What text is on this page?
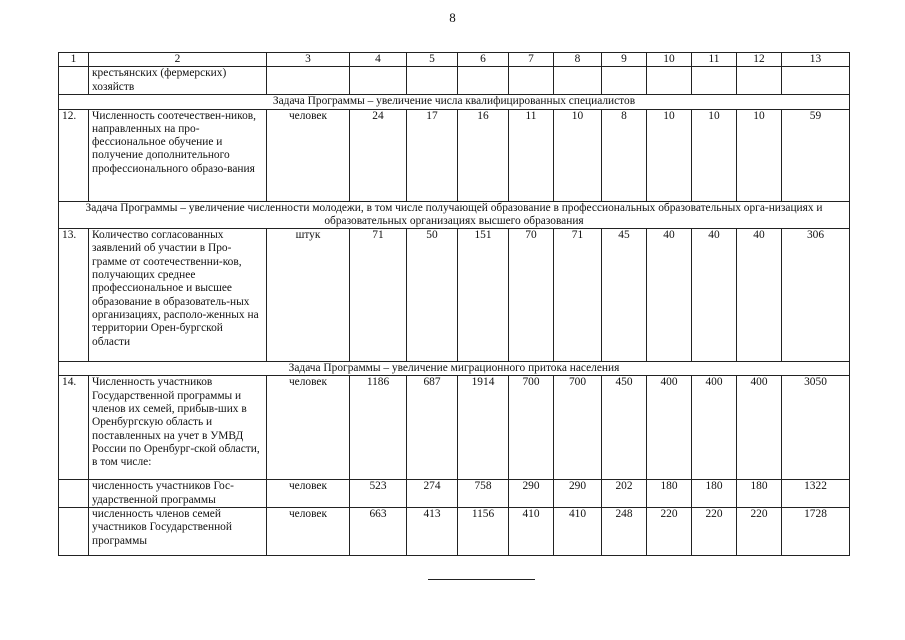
8
1	2	3	4	5	6	7	8	9	10	11	12	13
	крестьянских (фермерских) хозяйств											
Задача Программы – увеличение числа квалифицированных специалистов												
12.	Численность соотечествен-ников, направленных на про-фессиональное обучение и получение дополнительного профессионального образо-вания	человек	24	17	16	11	10	8	10	10	10	59
Задача Программы – увеличение численности молодежи, в том числе получающей образование в профессиональных образовательных орга-низациях и образовательных организациях высшего образования												
13.	Количество согласованных заявлений об участии в Про-грамме от соотечественни-ков, получающих среднее профессиональное и высшее образование в образователь-ных организациях, располо-женных на территории Орен-бургской области	штук	71	50	151	70	71	45	40	40	40	306
Задача Программы – увеличение миграционного притока населения												
14.	Численность участников Государственной программы и членов их семей, прибыв-ших в Оренбургскую область и поставленных на учет в УМВД России по Оренбург-ской области, в том числе:	человек	1186	687	1914	700	700	450	400	400	400	3050
	численность участников Гос-ударственной программы	человек	523	274	758	290	290	202	180	180	180	1322
	численность членов семей участников Государственной программы	человек	663	413	1156	410	410	248	220	220	220	1728
